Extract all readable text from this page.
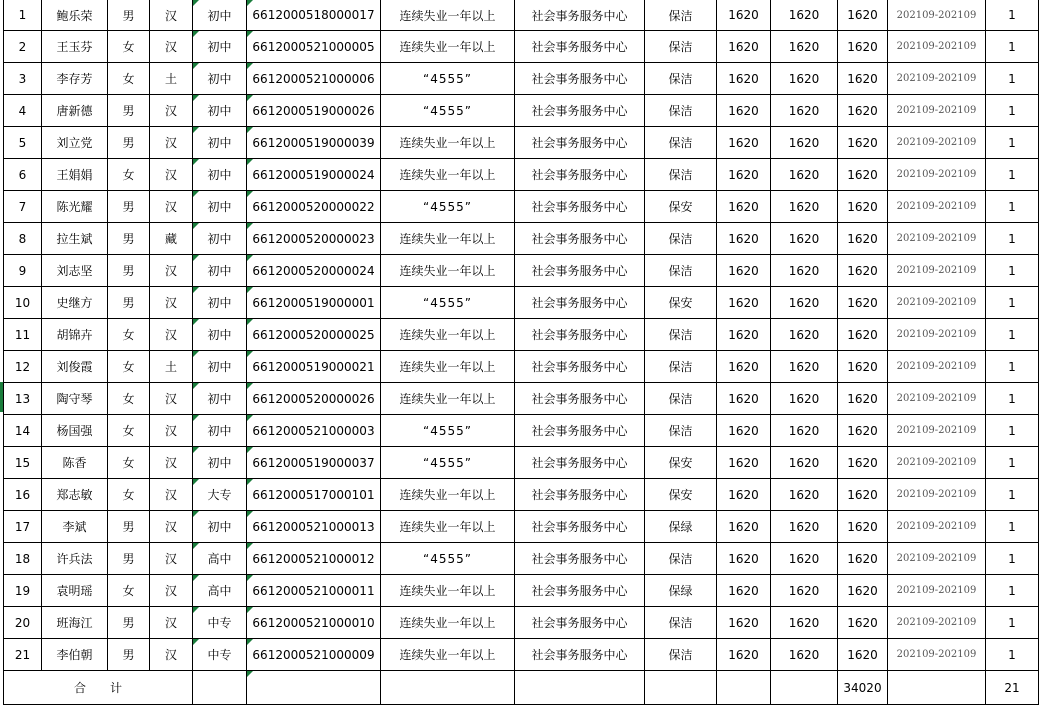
1	鲍乐荣	男	汉	初中	6612000518000017	连续失业一年以上	社会事务服务中心	保洁	1620	1620	1620	202109-202109	1
2	王玉芬	女	汉	初中	6612000521000005	连续失业一年以上	社会事务服务中心	保洁	1620	1620	1620	202109-202109	1
3	李存芳	女	土	初中	6612000521000006	“4555”	社会事务服务中心	保洁	1620	1620	1620	202109-202109	1
4	唐新德	男	汉	初中	6612000519000026	“4555”	社会事务服务中心	保洁	1620	1620	1620	202109-202109	1
5	刘立党	男	汉	初中	6612000519000039	连续失业一年以上	社会事务服务中心	保洁	1620	1620	1620	202109-202109	1
6	王娟娟	女	汉	初中	6612000519000024	连续失业一年以上	社会事务服务中心	保洁	1620	1620	1620	202109-202109	1
7	陈光耀	男	汉	初中	6612000520000022	“4555”	社会事务服务中心	保安	1620	1620	1620	202109-202109	1
8	拉生斌	男	藏	初中	6612000520000023	连续失业一年以上	社会事务服务中心	保洁	1620	1620	1620	202109-202109	1
9	刘志坚	男	汉	初中	6612000520000024	连续失业一年以上	社会事务服务中心	保洁	1620	1620	1620	202109-202109	1
10	史继方	男	汉	初中	6612000519000001	“4555”	社会事务服务中心	保安	1620	1620	1620	202109-202109	1
11	胡锦卉	女	汉	初中	6612000520000025	连续失业一年以上	社会事务服务中心	保洁	1620	1620	1620	202109-202109	1
12	刘俊霞	女	土	初中	6612000519000021	连续失业一年以上	社会事务服务中心	保洁	1620	1620	1620	202109-202109	1
13	陶守琴	女	汉	初中	6612000520000026	连续失业一年以上	社会事务服务中心	保洁	1620	1620	1620	202109-202109	1
14	杨国强	女	汉	初中	6612000521000003	“4555”	社会事务服务中心	保洁	1620	1620	1620	202109-202109	1
15	陈香	女	汉	初中	6612000519000037	“4555”	社会事务服务中心	保安	1620	1620	1620	202109-202109	1
16	郑志敏	女	汉	大专	6612000517000101	连续失业一年以上	社会事务服务中心	保安	1620	1620	1620	202109-202109	1
17	李斌	男	汉	初中	6612000521000013	连续失业一年以上	社会事务服务中心	保绿	1620	1620	1620	202109-202109	1
18	许兵法	男	汉	高中	6612000521000012	“4555”	社会事务服务中心	保洁	1620	1620	1620	202109-202109	1
19	袁明瑶	女	汉	高中	6612000521000011	连续失业一年以上	社会事务服务中心	保绿	1620	1620	1620	202109-202109	1
20	班海江	男	汉	中专	6612000521000010	连续失业一年以上	社会事务服务中心	保洁	1620	1620	1620	202109-202109	1
21	李伯朝	男	汉	中专	6612000521000009	连续失业一年以上	社会事务服务中心	保洁	1620	1620	1620	202109-202109	1
合计											34020		21
